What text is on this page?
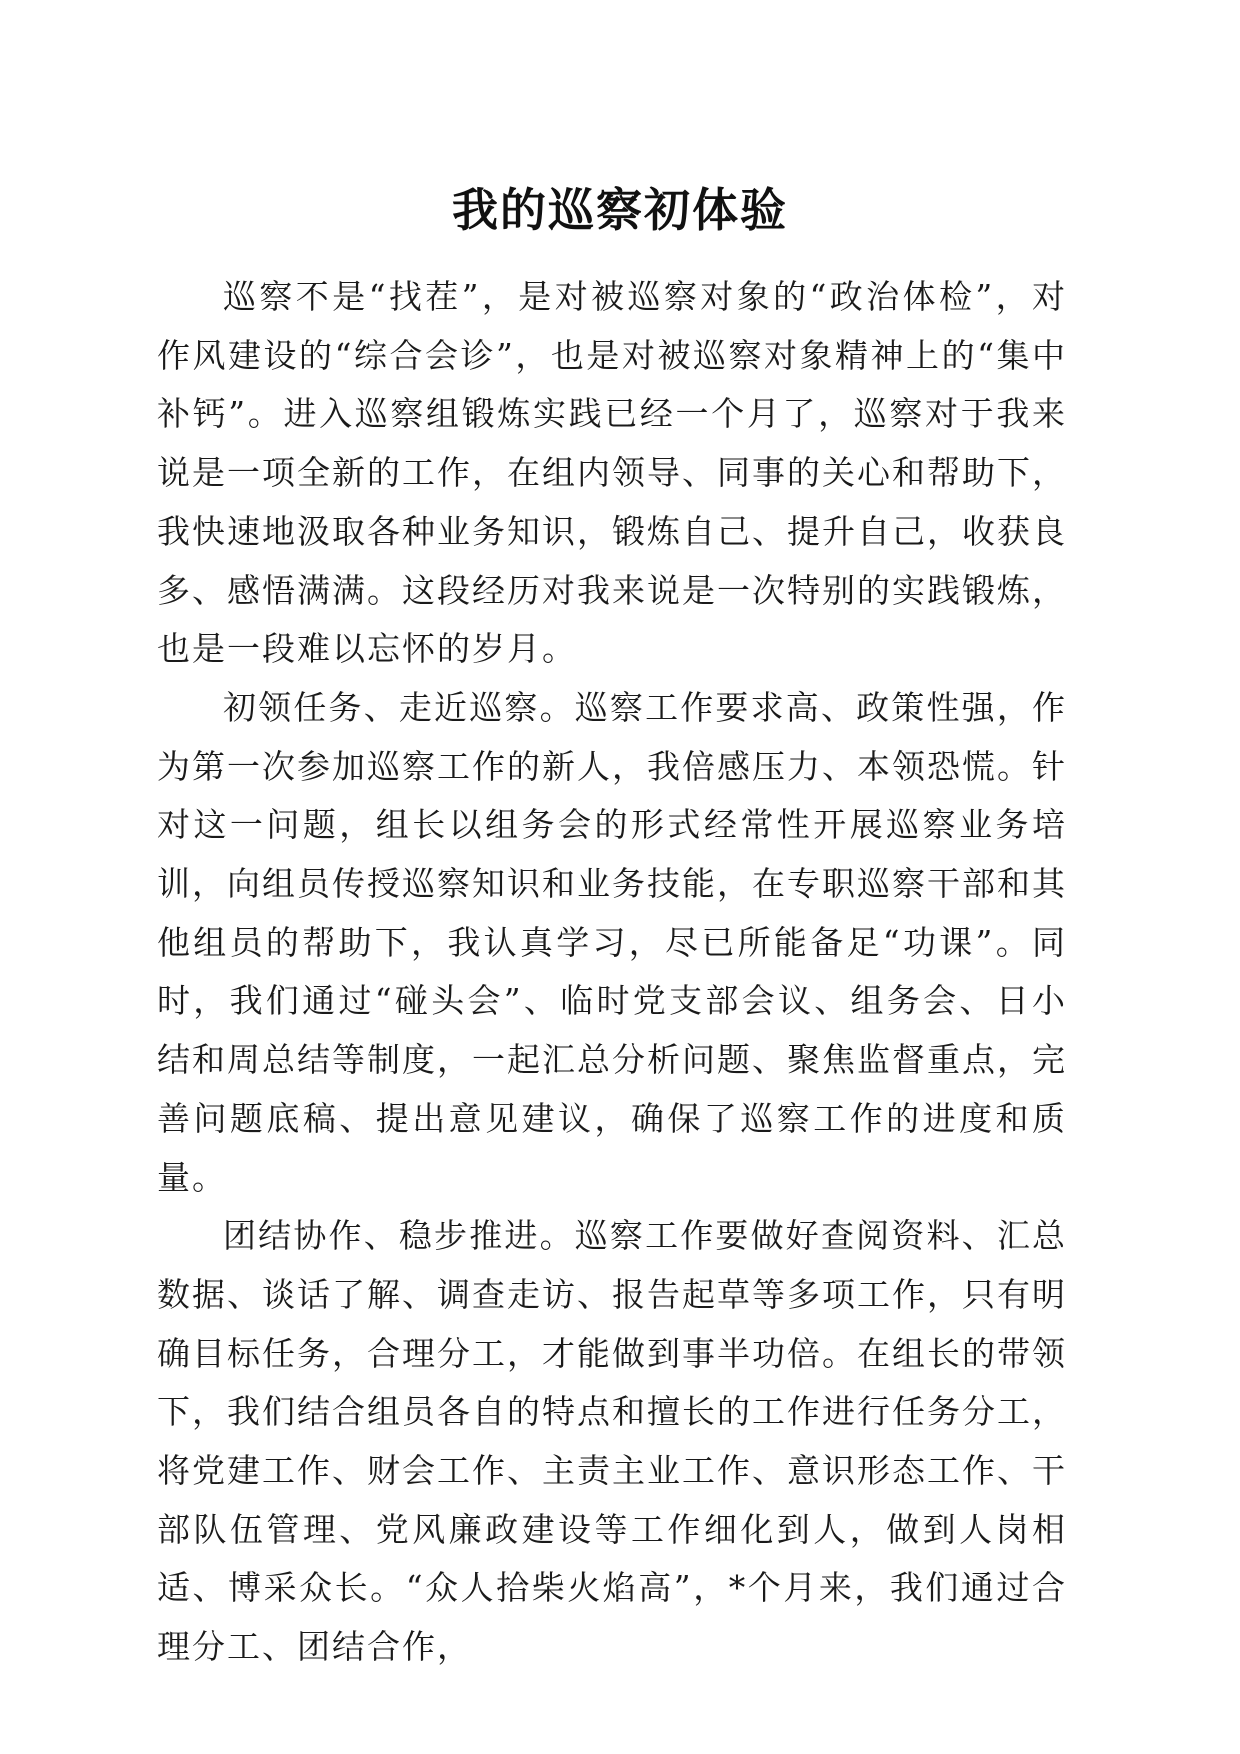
我的巡察初体验

巡察不是“找茬”，是对被巡察对象的“政治体检”，对作风建设的“综合会诊”，也是对被巡察对象精神上的“集中补钙”。进入巡察组锻炼实践已经一个月了，巡察对于我来说是一项全新的工作，在组内领导、同事的关心和帮助下，我快速地汲取各种业务知识，锻炼自己、提升自己，收获良多、感悟满满。这段经历对我来说是一次特别的实践锻炼，也是一段难以忘怀的岁月。

初领任务、走近巡察。巡察工作要求高、政策性强，作为第一次参加巡察工作的新人，我倍感压力、本领恐慌。针对这一问题，组长以组务会的形式经常性开展巡察业务培训，向组员传授巡察知识和业务技能，在专职巡察干部和其他组员的帮助下，我认真学习，尽已所能备足“功课”。同时，我们通过“碰头会”、临时党支部会议、组务会、日小结和周总结等制度，一起汇总分析问题、聚焦监督重点，完善问题底稿、提出意见建议，确保了巡察工作的进度和质量。

团结协作、稳步推进。巡察工作要做好查阅资料、汇总数据、谈话了解、调查走访、报告起草等多项工作，只有明确目标任务，合理分工，才能做到事半功倍。在组长的带领下，我们结合组员各自的特点和擅长的工作进行任务分工，将党建工作、财会工作、主责主业工作、意识形态工作、干部队伍管理、党风廉政建设等工作细化到人，做到人岗相适、博采众长。“众人拾柴火焰高”，*个月来，我们通过合理分工、团结合作，
